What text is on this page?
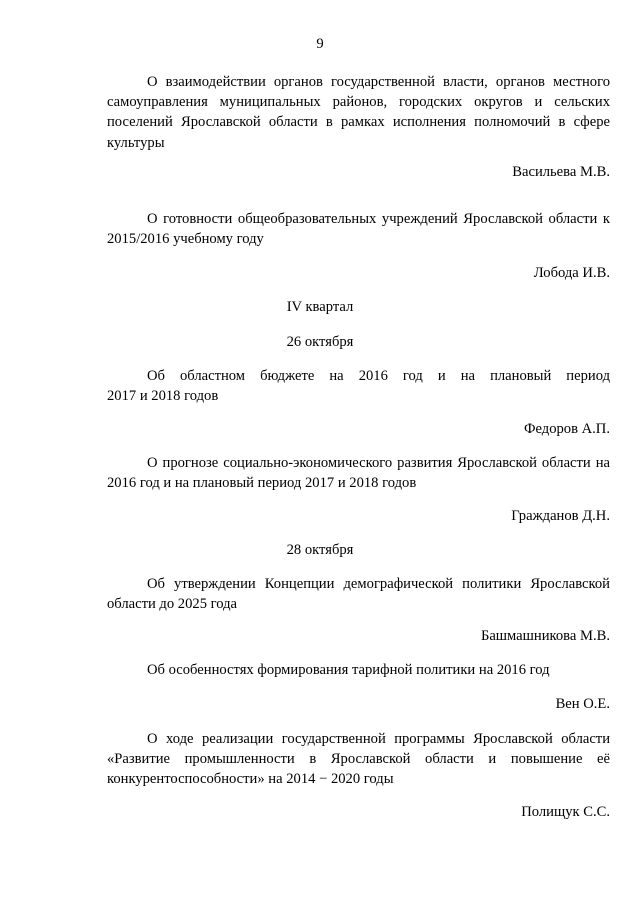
9
О взаимодействии органов государственной власти, органов местного самоуправления муниципальных районов, городских округов и сельских поселений Ярославской области в рамках исполнения полномочий в сфере культуры
Васильева М.В.
О готовности общеобразовательных учреждений Ярославской области к 2015/2016 учебному году
Лобода И.В.
IV квартал
26 октября
Об областном бюджете на 2016 год и на плановый период
2017 и 2018 годов
Федоров А.П.
О прогнозе социально-экономического развития Ярославской области на 2016 год и на плановый период 2017 и 2018 годов
Гражданов Д.Н.
28 октября
Об утверждении Концепции демографической политики Ярославской области до 2025 года
Башмашникова М.В.
Об особенностях формирования тарифной политики на 2016 год
Вен О.Е.
О ходе реализации государственной программы Ярославской области «Развитие промышленности в Ярославской области и повышение её конкурентоспособности» на 2014 − 2020 годы
Полищук С.С.
